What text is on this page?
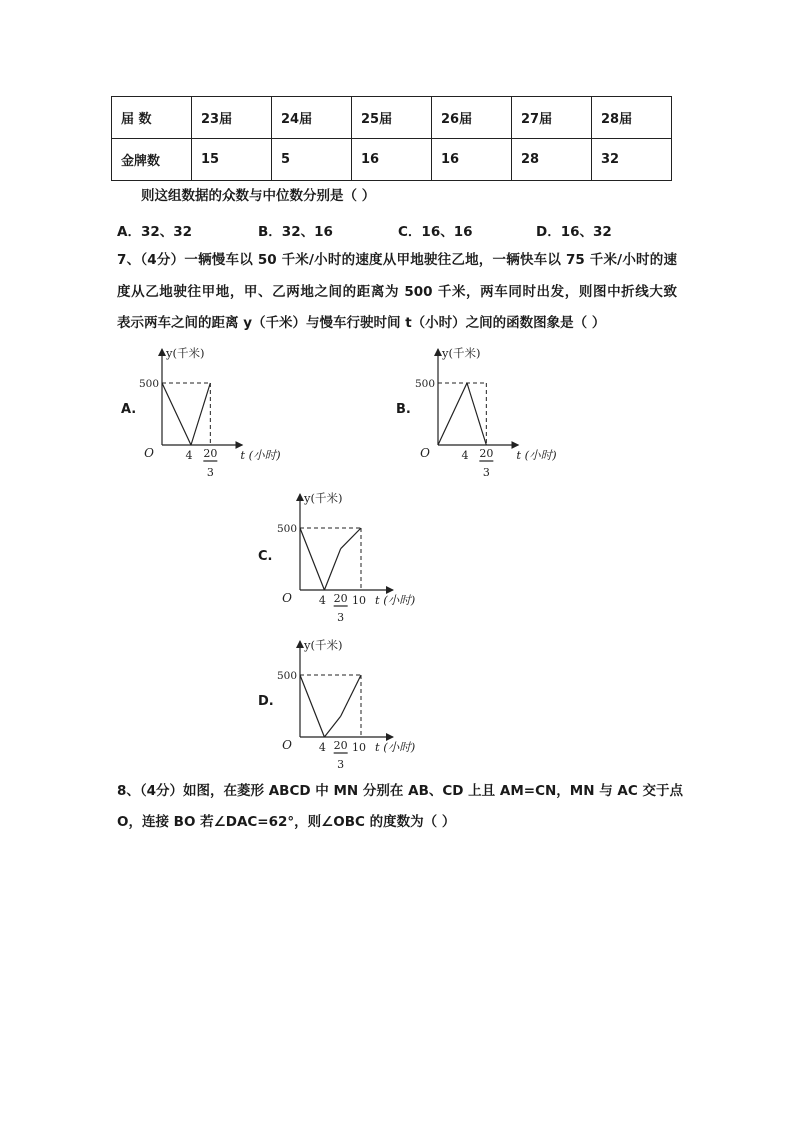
届 数	23届	24届	25届	26届	27届	28届
金牌数	15	5	16	16	28	32
则这组数据的众数与中位数分别是（ ）
A．32、32	B．32、16	C．16、16	D．16、32
7、（4分）一辆慢车以 50 千米/小时的速度从甲地驶往乙地，一辆快车以 75 千米/小时的速
度从乙地驶往甲地，甲、乙两地之间的距离为 500 千米，两车同时出发，则图中折线大致
表示两车之间的距离 y（千米）与慢车行驶时间 t（小时）之间的函数图象是（ ）
A.	B.
C.
D.
y(千米)
500
O	4 20
3
t (小时)
y(千米)
500
O	4 20
3
t (小时)
y(千米)
500
O 4 20
3
10 t (小时)
y(千米)
500
O 4 20
3
10 t (小时)
8、（4分）如图，在菱形 ABCD 中 MN 分别在 AB、CD 上且 AM=CN，MN 与 AC 交于点
O，连接 BO 若∠DAC=62°，则∠OBC 的度数为（ ）
